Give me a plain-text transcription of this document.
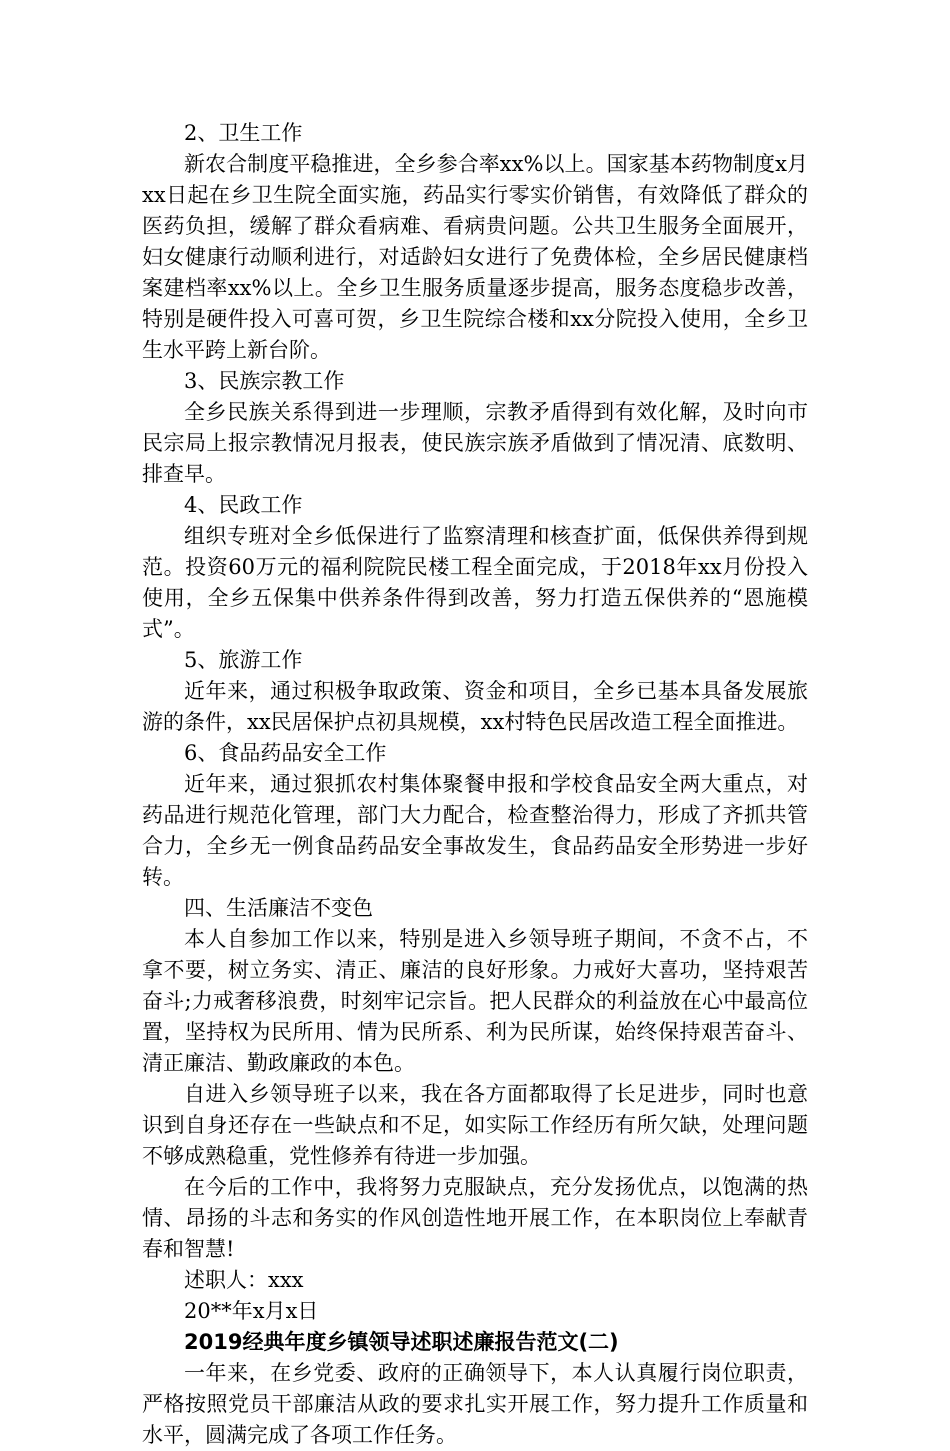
2、卫生工作

新农合制度平稳推进，全乡参合率xx%以上。国家基本药物制度x月xx日起在乡卫生院全面实施，药品实行零实价销售，有效降低了群众的医药负担，缓解了群众看病难、看病贵问题。公共卫生服务全面展开，妇女健康行动顺利进行，对适龄妇女进行了免费体检，全乡居民健康档案建档率xx%以上。全乡卫生服务质量逐步提高，服务态度稳步改善，特别是硬件投入可喜可贺，乡卫生院综合楼和xx分院投入使用，全乡卫生水平跨上新台阶。

3、民族宗教工作

全乡民族关系得到进一步理顺，宗教矛盾得到有效化解，及时向市民宗局上报宗教情况月报表，使民族宗族矛盾做到了情况清、底数明、排查早。

4、民政工作

组织专班对全乡低保进行了监察清理和核查扩面，低保供养得到规范。投资60万元的福利院院民楼工程全面完成，于2018年xx月份投入使用，全乡五保集中供养条件得到改善，努力打造五保供养的“恩施模式”。

5、旅游工作

近年来，通过积极争取政策、资金和项目，全乡已基本具备发展旅游的条件，xx民居保护点初具规模，xx村特色民居改造工程全面推进。

6、食品药品安全工作

近年来，通过狠抓农村集体聚餐申报和学校食品安全两大重点，对药品进行规范化管理，部门大力配合，检查整治得力，形成了齐抓共管合力，全乡无一例食品药品安全事故发生，食品药品安全形势进一步好转。

四、生活廉洁不变色

本人自参加工作以来，特别是进入乡领导班子期间，不贪不占，不拿不要，树立务实、清正、廉洁的良好形象。力戒好大喜功，坚持艰苦奋斗;力戒奢移浪费，时刻牢记宗旨。把人民群众的利益放在心中最高位置，坚持权为民所用、情为民所系、利为民所谋，始终保持艰苦奋斗、清正廉洁、勤政廉政的本色。

自进入乡领导班子以来，我在各方面都取得了长足进步，同时也意识到自身还存在一些缺点和不足，如实际工作经历有所欠缺，处理问题不够成熟稳重，党性修养有待进一步加强。

在今后的工作中，我将努力克服缺点，充分发扬优点，以饱满的热情、昂扬的斗志和务实的作风创造性地开展工作，在本职岗位上奉献青春和智慧!

述职人：xxx

20**年x月x日

2019经典年度乡镇领导述职述廉报告范文(二)

一年来，在乡党委、政府的正确领导下，本人认真履行岗位职责，严格按照党员干部廉洁从政的要求扎实开展工作，努力提升工作质量和水平，圆满完成了各项工作任务。
